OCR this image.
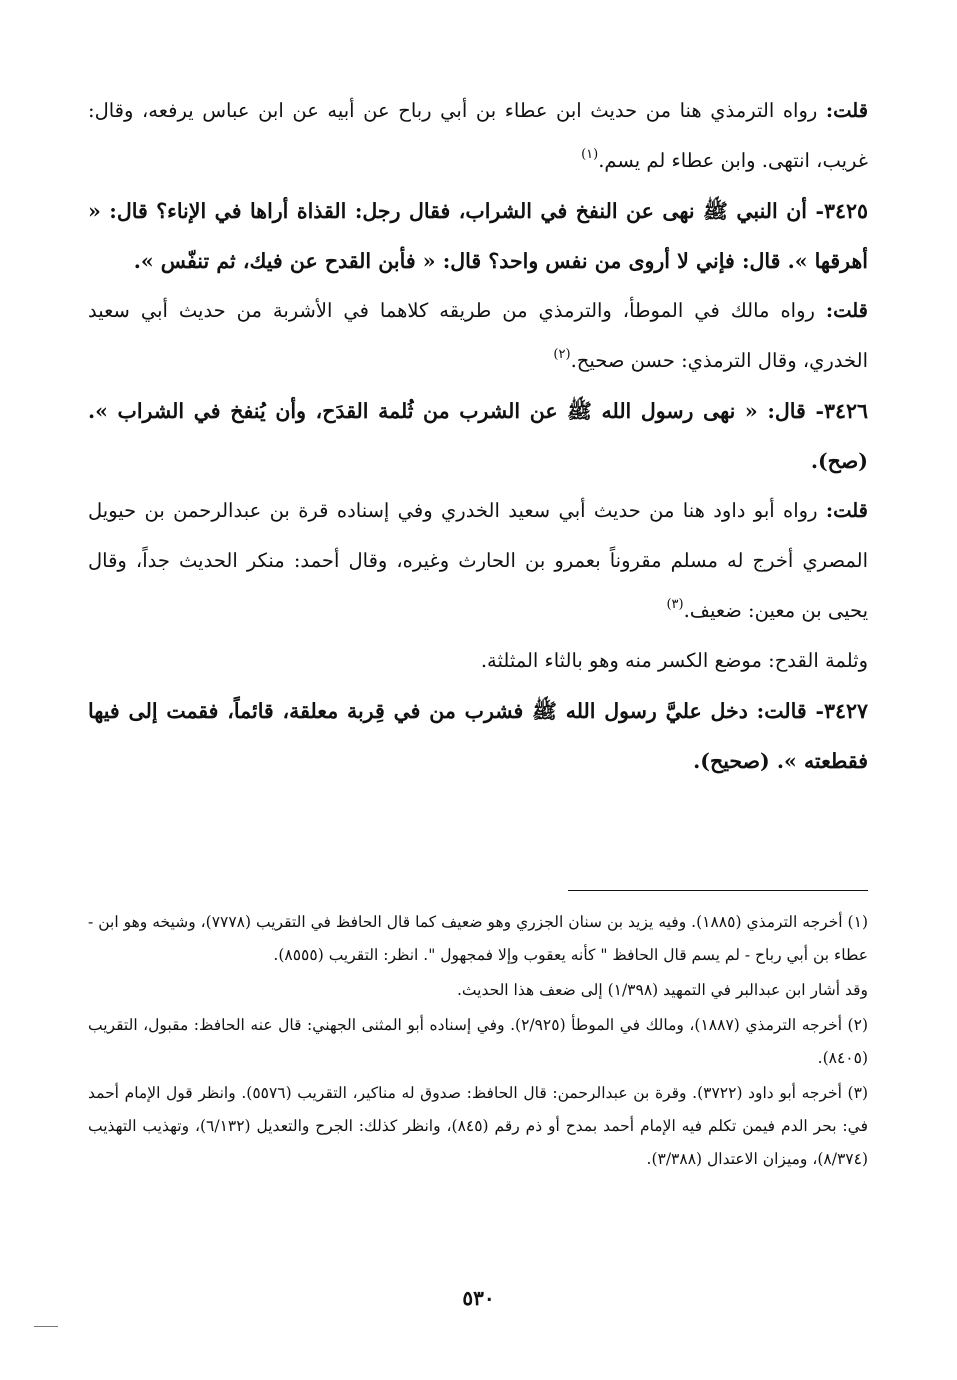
قلت: رواه الترمذي هنا من حديث ابن عطاء بن أبي رباح عن أبيه عن ابن عباس يرفعه، وقال: غريب، انتهى. وابن عطاء لم يسم.$^{(١)}$

٣٤٢٥- أن النبي ﷺ نهى عن النفخ في الشراب، فقال رجل: القذاة أراها في الإناء؟ قال: « أهرقها ». قال: فإني لا أروى من نفس واحد؟ قال: « فأبن القدح عن فيك، ثم تنفّس ».

قلت: رواه مالك في الموطأ، والترمذي من طريقه كلاهما في الأشربة من حديث أبي سعيد الخدري، وقال الترمذي: حسن صحيح.$^{(٢)}$

٣٤٢٦- قال: « نهى رسول الله ﷺ عن الشرب من ثُلمة القدَح، وأن يُنفخ في الشراب ». (صح).

قلت: رواه أبو داود هنا من حديث أبي سعيد الخدري وفي إسناده قرة بن عبدالرحمن بن حيويل المصري أخرج له مسلم مقروناً بعمرو بن الحارث وغيره، وقال أحمد: منكر الحديث جداً، وقال يحيى بن معين: ضعيف.$^{(٣)}$

وثلمة القدح: موضع الكسر منه وهو بالثاء المثلثة.

٣٤٢٧- قالت: دخل عليَّ رسول الله ﷺ فشرب من في قِربة معلقة، قائماً، فقمت إلى فيها فقطعته ». (صحيح).

(١) أخرجه الترمذي (١٨٨٥). وفيه يزيد بن سنان الجزري وهو ضعيف كما قال الحافظ في التقريب (٧٧٧٨)، وشيخه وهو ابن - عطاء بن أبي رباح - لم يسم قال الحافظ " كأنه يعقوب وإلا فمجهول ". انظر: التقريب (٨٥٥٥).

وقد أشار ابن عبدالبر في التمهيد (١/٣٩٨) إلى ضعف هذا الحديث.

(٢) أخرجه الترمذي (١٨٨٧)، ومالك في الموطأ (٢/٩٢٥). وفي إسناده أبو المثنى الجهني: قال عنه الحافظ: مقبول، التقريب (٨٤٠٥).

(٣) أخرجه أبو داود (٣٧٢٢). وقرة بن عبدالرحمن: قال الحافظ: صدوق له مناكير، التقريب (٥٥٧٦). وانظر قول الإمام أحمد في: بحر الدم فيمن تكلم فيه الإمام أحمد بمدح أو ذم رقم (٨٤٥)، وانظر كذلك: الجرح والتعديل (٦/١٣٢)، وتهذيب التهذيب (٨/٣٧٤)، وميزان الاعتدال (٣/٣٨٨).

٥٣٠
